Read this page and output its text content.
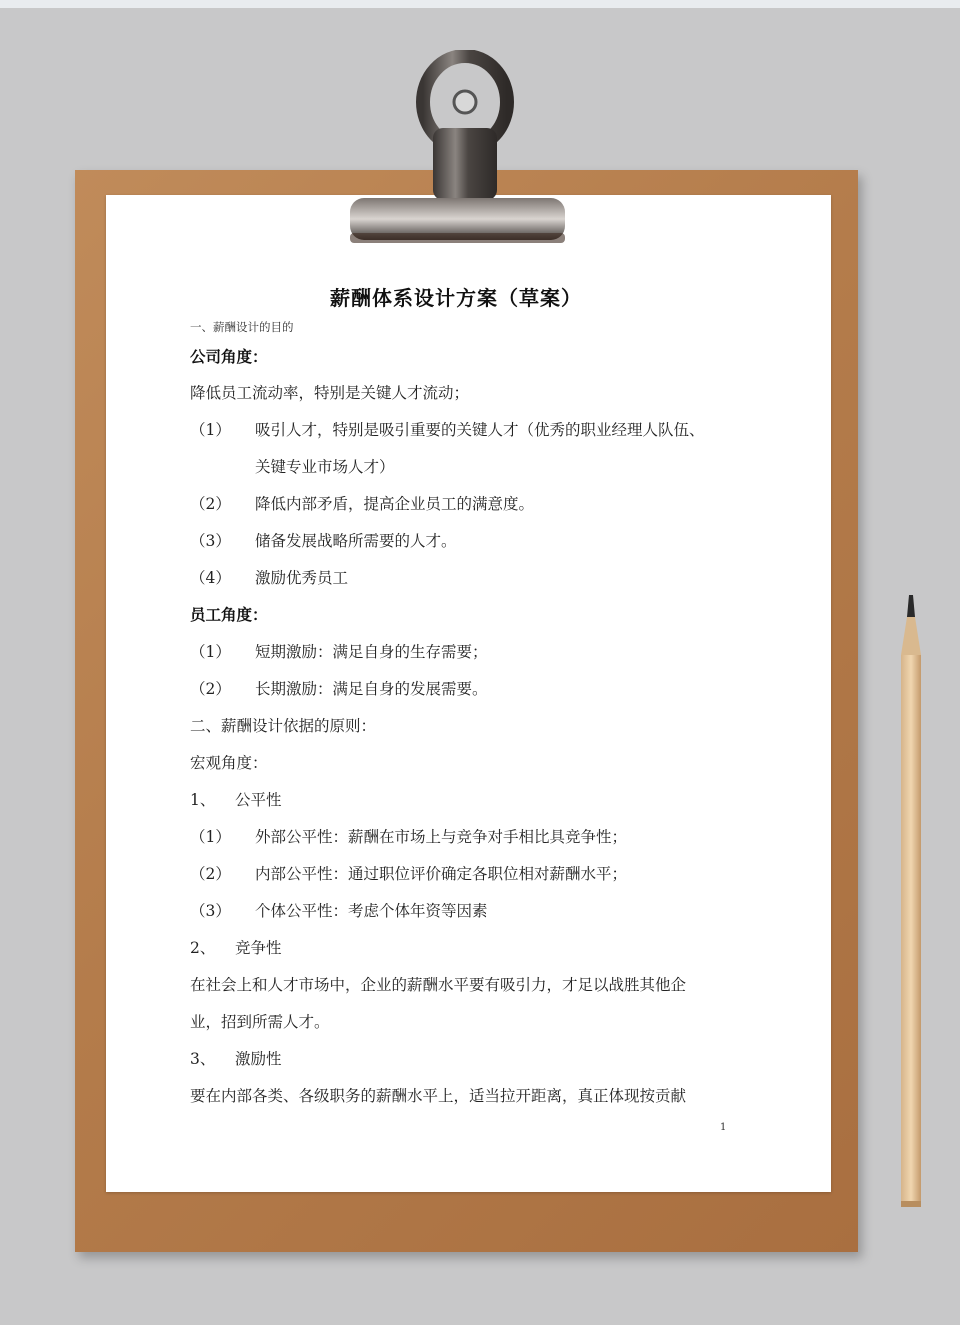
薪酬体系设计方案（草案）
一、薪酬设计的目的
公司角度：
降低员工流动率，特别是关键人才流动；
（1） 吸引人才，特别是吸引重要的关键人才（优秀的职业经理人队伍、
关键专业市场人才）
（2） 降低内部矛盾，提高企业员工的满意度。
（3） 储备发展战略所需要的人才。
（4） 激励优秀员工
员工角度：
（1） 短期激励：满足自身的生存需要；
（2） 长期激励：满足自身的发展需要。
二、薪酬设计依据的原则：
宏观角度：
1、 公平性
（1） 外部公平性：薪酬在市场上与竞争对手相比具竞争性；
（2） 内部公平性：通过职位评价确定各职位相对薪酬水平；
（3） 个体公平性：考虑个体年资等因素
2、 竞争性
在社会上和人才市场中，企业的薪酬水平要有吸引力，才足以战胜其他企
业，招到所需人才。
3、 激励性
要在内部各类、各级职务的薪酬水平上，适当拉开距离，真正体现按贡献
1
